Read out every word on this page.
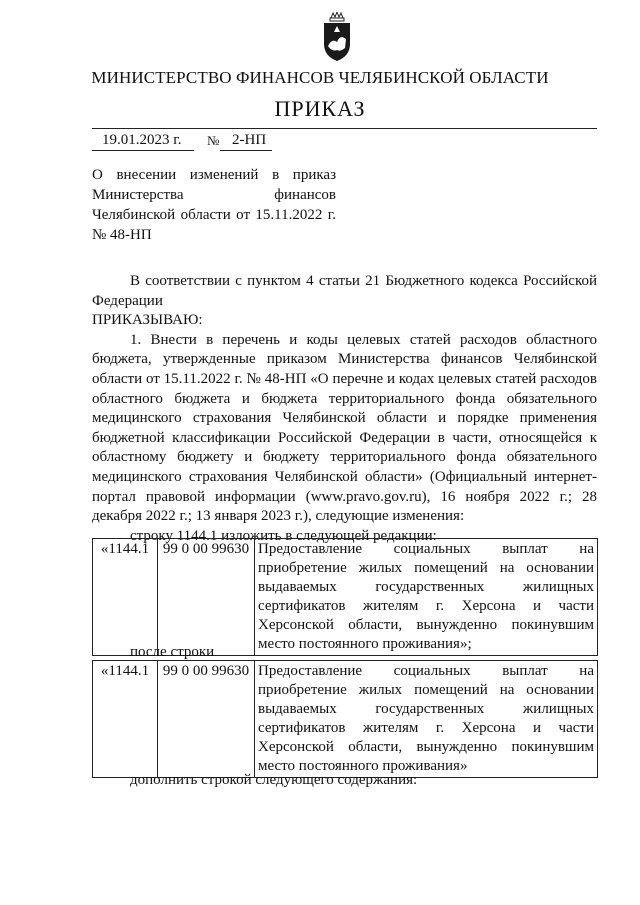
МИНИСТЕРСТВО ФИНАНСОВ ЧЕЛЯБИНСКОЙ ОБЛАСТИ
ПРИКАЗ
19.01.2023 г. № 2-НП
О внесении изменений в приказ
Министерства финансов
Челябинской области от 15.11.2022 г.
№ 48-НП

В соответствии с пунктом 4 статьи 21 Бюджетного кодекса Российской Федерации

ПРИКАЗЫВАЮ:

1. Внести в перечень и коды целевых статей расходов областного бюджета, утвержденные приказом Министерства финансов Челябинской области от 15.11.2022 г. № 48-НП «О перечне и кодах целевых статей расходов областного бюджета и бюджета территориального фонда обязательного медицинского страхования Челябинской области и порядке применения бюджетной классификации Российской Федерации в части, относящейся к областному бюджету и бюджету территориального фонда обязательного медицинского страхования Челябинской области» (Официальный интернет-портал правовой информации (www.pravo.gov.ru), 16 ноября 2022 г.; 28 декабря 2022 г.; 13 января 2023 г.), следующие изменения:

строку 1144.1 изложить в следующей редакции:

«1144.1	99 0 00 99630	Предоставление социальных выплат на приобретение жилых помещений на основании выдаваемых государственных жилищных сертификатов жителям г. Херсона и части Херсонской области, вынужденно покинувшим место постоянного проживания»;
после строки
«1144.1	99 0 00 99630	Предоставление социальных выплат на приобретение жилых помещений на основании выдаваемых государственных жилищных сертификатов жителям г. Херсона и части Херсонской области, вынужденно покинувшим место постоянного проживания»
дополнить строкой следующего содержания:
